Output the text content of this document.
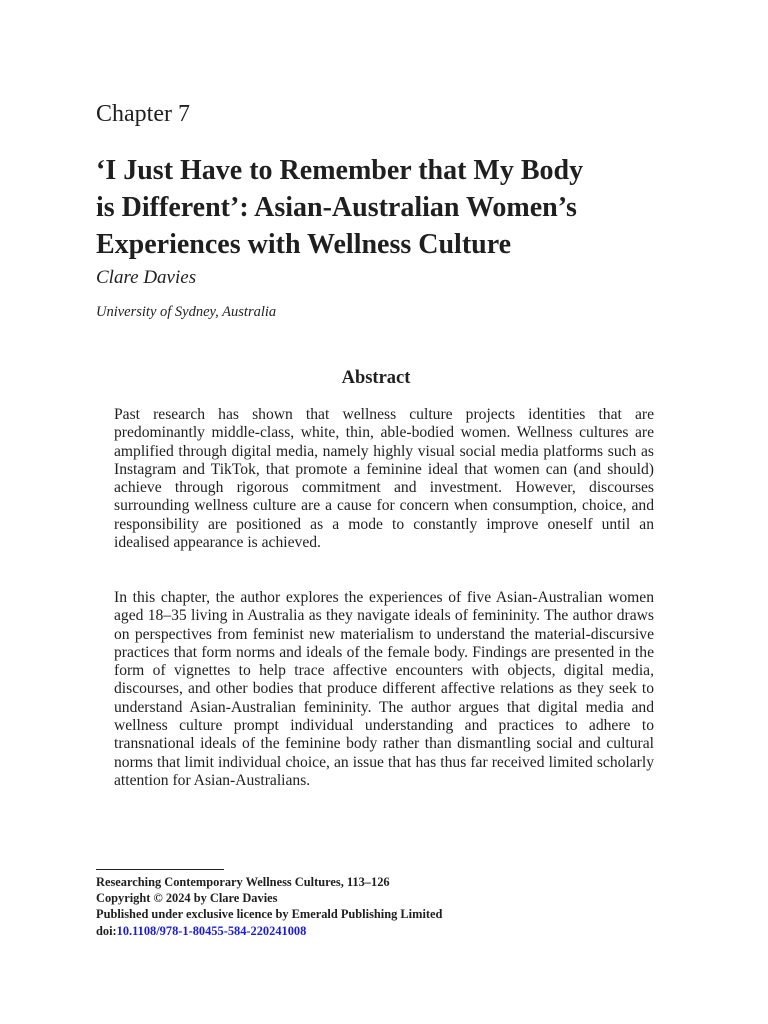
Chapter 7
‘I Just Have to Remember that My Body
is Different’: Asian-Australian Women’s
Experiences with Wellness Culture

Clare Davies

University of Sydney, Australia

Abstract

Past research has shown that wellness culture projects identities that are predominantly middle-class, white, thin, able-bodied women. Wellness cultures are amplified through digital media, namely highly visual social media platforms such as Instagram and TikTok, that promote a feminine ideal that women can (and should) achieve through rigorous commitment and investment. However, discourses surrounding wellness culture are a cause for concern when consumption, choice, and responsibility are positioned as a mode to constantly improve oneself until an idealised appearance is achieved.

In this chapter, the author explores the experiences of five Asian-Australian women aged 18–35 living in Australia as they navigate ideals of femininity. The author draws on perspectives from feminist new materialism to understand the material-discursive practices that form norms and ideals of the female body. Findings are presented in the form of vignettes to help trace affective encounters with objects, digital media, discourses, and other bodies that produce different affective relations as they seek to understand Asian-Australian femininity. The author argues that digital media and wellness culture prompt individual understanding and practices to adhere to transnational ideals of the feminine body rather than dismantling social and cultural norms that limit individual choice, an issue that has thus far received limited scholarly attention for Asian-Australians.

Researching Contemporary Wellness Cultures, 113–126
Copyright © 2024 by Clare Davies
Published under exclusive licence by Emerald Publishing Limited
doi:10.1108/978-1-80455-584-220241008
